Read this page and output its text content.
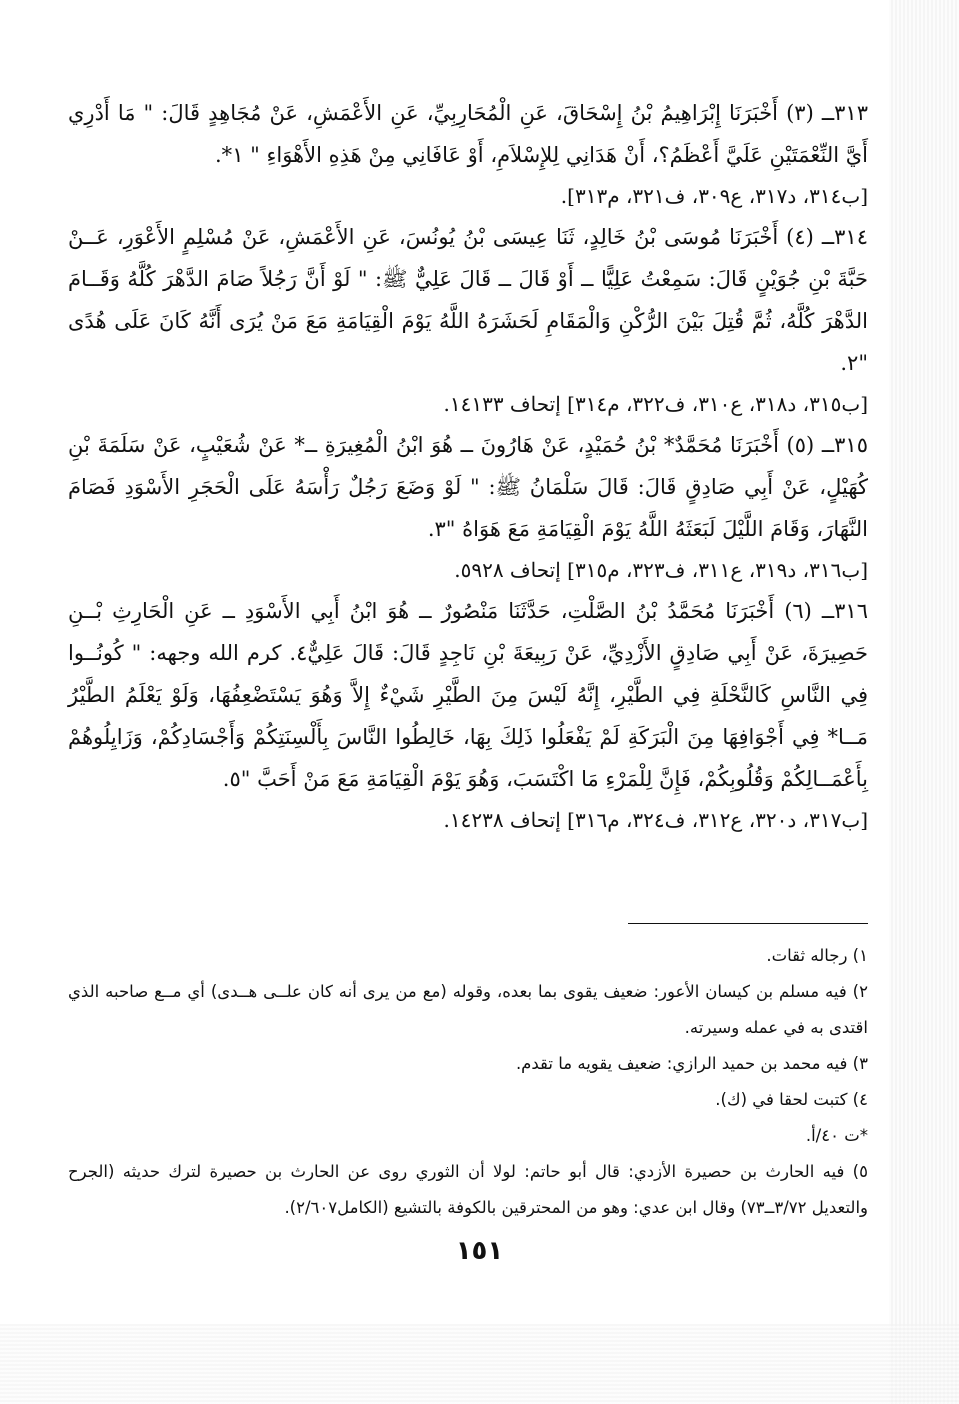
٣١٣ــ (٣) أَخْبَرَنَا إِبْرَاهِيمُ بْنُ إِسْحَاقَ، عَنِ الْمُحَارِبِيِّ، عَنِ الأَعْمَشِ، عَنْ مُجَاهِدٍ قَالَ: " مَا أَدْرِي أَيَّ النِّعْمَتَيْنِ عَلَيَّ أَعْظَمُ؟، أَنْ هَدَانِي لِلإِسْلاَمِ، أَوْ عَافَانِي مِنْ هَذِهِ الأَهْوَاءِ " ١*.

[ب٣١٤، د٣١٧، ع٣٠٩، ف٣٢١، م٣١٣].

٣١٤ــ (٤) أَخْبَرَنَا مُوسَى بْنُ خَالِدٍ، ثَنَا عِيسَى بْنُ يُونُسَ، عَنِ الأَعْمَشِ، عَنْ مُسْلِمٍ الأَعْوَرِ، عَــنْ حَبَّةَ بْنِ جُوَيْنٍ قَالَ: سَمِعْتُ عَلِيًّا ــ أَوْ قَالَ ــ قَالَ عَلِيٌّ ﷺ: " لَوْ أَنَّ رَجُلاً صَامَ الدَّهْرَ كُلَّهُ وَقَــامَ الدَّهْرَ كُلَّهُ، ثُمَّ قُتِلَ بَيْنَ الرُّكْنِ وَالْمَقَامِ لَحَشَرَهُ اللَّهُ يَوْمَ الْقِيَامَةِ مَعَ مَنْ يُرَى أَنَّهُ كَانَ عَلَى هُدًى "٢.

[ب٣١٥، د٣١٨، ع٣١٠، ف٣٢٢، م٣١٤] إتحاف ١٤١٣٣.

٣١٥ــ (٥) أَخْبَرَنَا مُحَمَّدٌ* بْنُ حُمَيْدٍ، عَنْ هَارُونَ ــ هُوَ ابْنُ الْمُغِيرَةِ ــ* عَنْ شُعَيْبٍ، عَنْ سَلَمَةَ بْنِ كُهَيْلٍ، عَنْ أَبِي صَادِقٍ قَالَ: قَالَ سَلْمَانُ ﷺ: " لَوْ وَضَعَ رَجُلٌ رَأْسَهُ عَلَى الْحَجَرِ الأَسْوَدِ فَصَامَ النَّهَارَ، وَقَامَ اللَّيْلَ لَبَعَثَهُ اللَّهُ يَوْمَ الْقِيَامَةِ مَعَ هَوَاهُ "٣.

[ب٣١٦، د٣١٩، ع٣١١، ف٣٢٣، م٣١٥] إتحاف ٥٩٢٨.

٣١٦ــ (٦) أَخْبَرَنَا مُحَمَّدُ بْنُ الصَّلْتِ، حَدَّثَنَا مَنْصُورٌ ــ هُوَ ابْنُ أَبِي الأَسْوَدِ ــ عَنِ الْحَارِثِ بْــنِ حَصِيرَةَ، عَنْ أَبِي صَادِقٍ الأَزْدِيِّ، عَنْ رَبِيعَةَ بْنِ نَاجِدٍ قَالَ: قَالَ عَلِيٌّ٤. كرم الله وجهه: " كُونُــوا فِي النَّاسِ كَالنَّحْلَةِ فِي الطَّيْرِ، إِنَّهُ لَيْسَ مِنَ الطَّيْرِ شَيْءٌ إِلاَّ وَهُوَ يَسْتَضْعِفُهَا، وَلَوْ يَعْلَمُ الطَّيْرُ مَــا* فِي أَجْوَافِهَا مِنَ الْبَرَكَةِ لَمْ يَفْعَلُوا ذَلِكَ بِهَا، خَالِطُوا النَّاسَ بِأَلْسِنَتِكُمْ وَأَجْسَادِكُمْ، وَزَايِلُوهُمْ بِأَعْمَــالِكُمْ وَقُلُوبِكُمْ، فَإِنَّ لِلْمَرْءِ مَا اكْتَسَبَ، وَهُوَ يَوْمَ الْقِيَامَةِ مَعَ مَنْ أَحَبَّ "٥.

[ب٣١٧، د٣٢٠، ع٣١٢، ف٣٢٤، م٣١٦] إتحاف ١٤٢٣٨.

١) رجاله ثقات.

٢) فيه مسلم بن كيسان الأعور: ضعيف يقوى بما بعده، وقوله (مع من يرى أنه كان علــى هــدى) أي مــع صاحبه الذي اقتدى به في عمله وسيرته.

٣) فيه محمد بن حميد الرازي: ضعيف يقويه ما تقدم.

٤) كتبت لحقا في (ك).

*ت ٤٠/أ.

٥) فيه الحارث بن حصيرة الأزدي: قال أبو حاتم: لولا أن الثوري روى عن الحارث بن حصيرة لترك حديثه (الجرح والتعديل ٣/٧٢ــ٧٣) وقال ابن عدي: وهو من المحترقين بالكوفة بالتشيع (الكامل٢/٦٠٧).

١٥١
